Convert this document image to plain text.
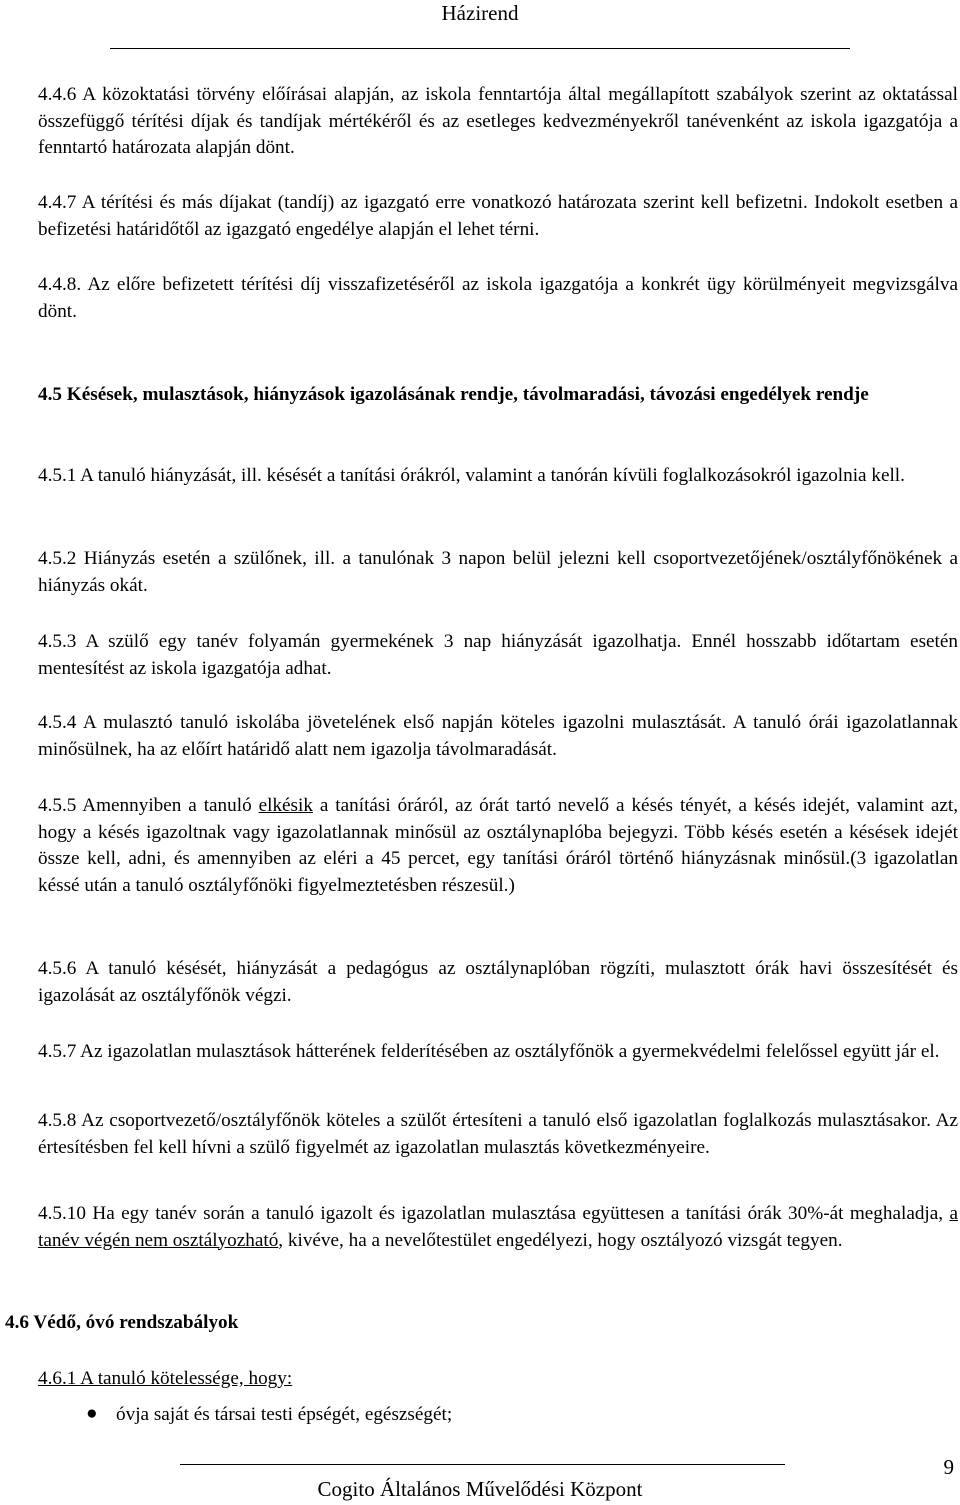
Házirend
4.4.6 A közoktatási törvény előírásai alapján, az iskola fenntartója által megállapított szabályok szerint az oktatással összefüggő térítési díjak és tandíjak mértékéről és az esetleges kedvezményekről tanévenként az iskola igazgatója a fenntartó határozata alapján dönt.
4.4.7 A térítési és más díjakat (tandíj) az igazgató erre vonatkozó határozata szerint kell befizetni. Indokolt esetben a befizetési határidőtől az igazgató engedélye alapján el lehet térni.
4.4.8. Az előre befizetett térítési díj visszafizetéséről az iskola igazgatója a konkrét ügy körülményeit megvizsgálva dönt.
4.5 Késések, mulasztások, hiányzások igazolásának rendje, távolmaradási, távozási engedélyek rendje
4.5.1 A tanuló hiányzását, ill. késését a tanítási órákról, valamint a tanórán kívüli foglalkozásokról igazolnia kell.
4.5.2 Hiányzás esetén a szülőnek, ill. a tanulónak 3 napon belül jelezni kell csoportvezetőjének/osztályfőnökének a hiányzás okát.
4.5.3 A szülő egy tanév folyamán gyermekének 3 nap hiányzását igazolhatja. Ennél hosszabb időtartam esetén mentesítést az iskola igazgatója adhat.
4.5.4 A mulasztó tanuló iskolába jövetelének első napján köteles igazolni mulasztását. A tanuló órái igazolatlannak minősülnek, ha az előírt határidő alatt nem igazolja távolmaradását.
4.5.5 Amennyiben a tanuló elkésik a tanítási óráról, az órát tartó nevelő a késés tényét, a késés idejét, valamint azt, hogy a késés igazoltnak vagy igazolatlannak minősül az osztálynaplóba bejegyzi. Több késés esetén a késések idejét össze kell, adni, és amennyiben az eléri a 45 percet, egy tanítási óráról történő hiányzásnak minősül.(3 igazolatlan késsé után a tanuló osztályfőnöki figyelmeztetésben részesül.)
4.5.6 A tanuló késését, hiányzását a pedagógus az osztálynaplóban rögzíti, mulasztott órák havi összesítését és igazolását az osztályfőnök végzi.
4.5.7 Az igazolatlan mulasztások hátterének felderítésében az osztályfőnök a gyermekvédelmi felelőssel együtt jár el.
4.5.8 Az csoportvezető/osztályfőnök köteles a szülőt értesíteni a tanuló első igazolatlan foglalkozás mulasztásakor. Az értesítésben fel kell hívni a szülő figyelmét az igazolatlan mulasztás következményeire.
4.5.10 Ha egy tanév során a tanuló igazolt és igazolatlan mulasztása együttesen a tanítási órák 30%-át meghaladja, a tanév végén nem osztályozható, kivéve, ha a nevelőtestület engedélyezi, hogy osztályozó vizsgát tegyen.
4.6 Védő, óvó rendszabályok
4.6.1 A tanuló kötelessége, hogy:
● óvja saját és társai testi épségét, egészségét;
Cogito Általános Művelődési Központ
9
